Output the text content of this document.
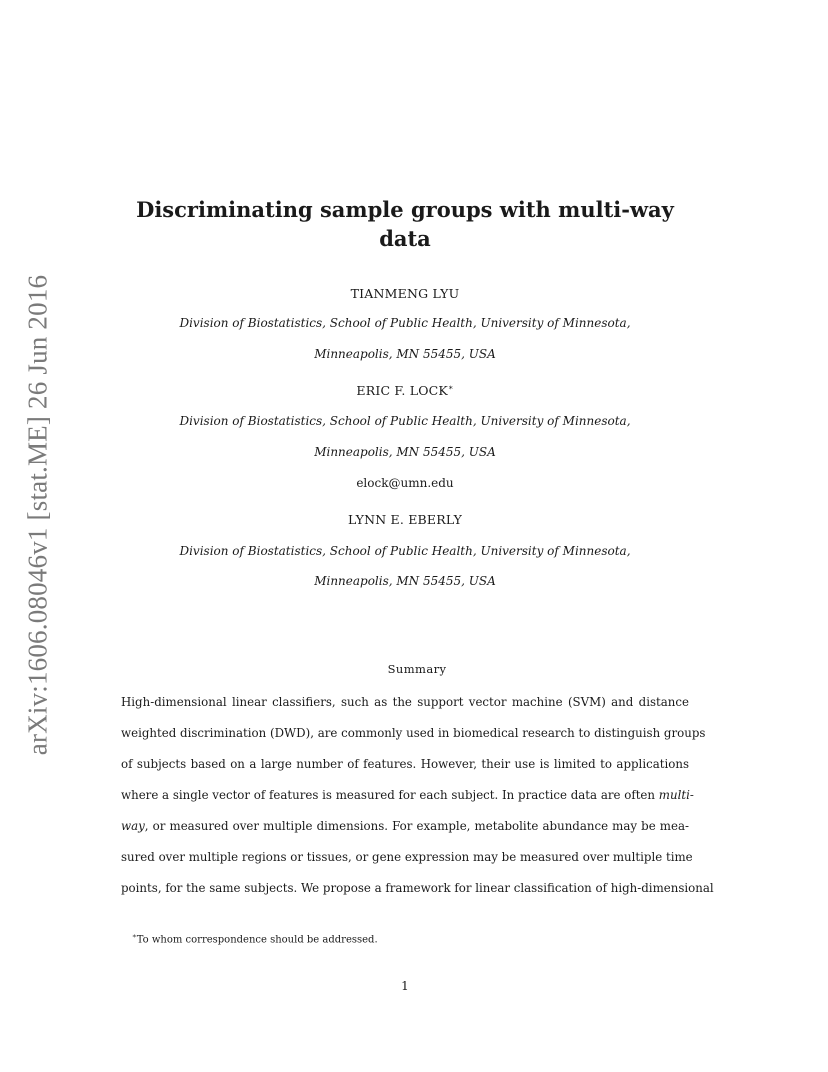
arXiv:1606.08046v1 [stat.ME] 26 Jun 2016
Discriminating sample groups with multi-way data
TIANMENG LYU
Division of Biostatistics, School of Public Health, University of Minnesota,
Minneapolis, MN 55455, USA
ERIC F. LOCK∗
Division of Biostatistics, School of Public Health, University of Minnesota,
Minneapolis, MN 55455, USA
elock@umn.edu
LYNN E. EBERLY
Division of Biostatistics, School of Public Health, University of Minnesota,
Minneapolis, MN 55455, USA
Summary
High-dimensional linear classifiers, such as the support vector machine (SVM) and distance
weighted discrimination (DWD), are commonly used in biomedical research to distinguish groups
of subjects based on a large number of features. However, their use is limited to applications
where a single vector of features is measured for each subject. In practice data are often multi-
way, or measured over multiple dimensions. For example, metabolite abundance may be mea-
sured over multiple regions or tissues, or gene expression may be measured over multiple time
points, for the same subjects. We propose a framework for linear classification of high-dimensional
∗To whom correspondence should be addressed.
1
